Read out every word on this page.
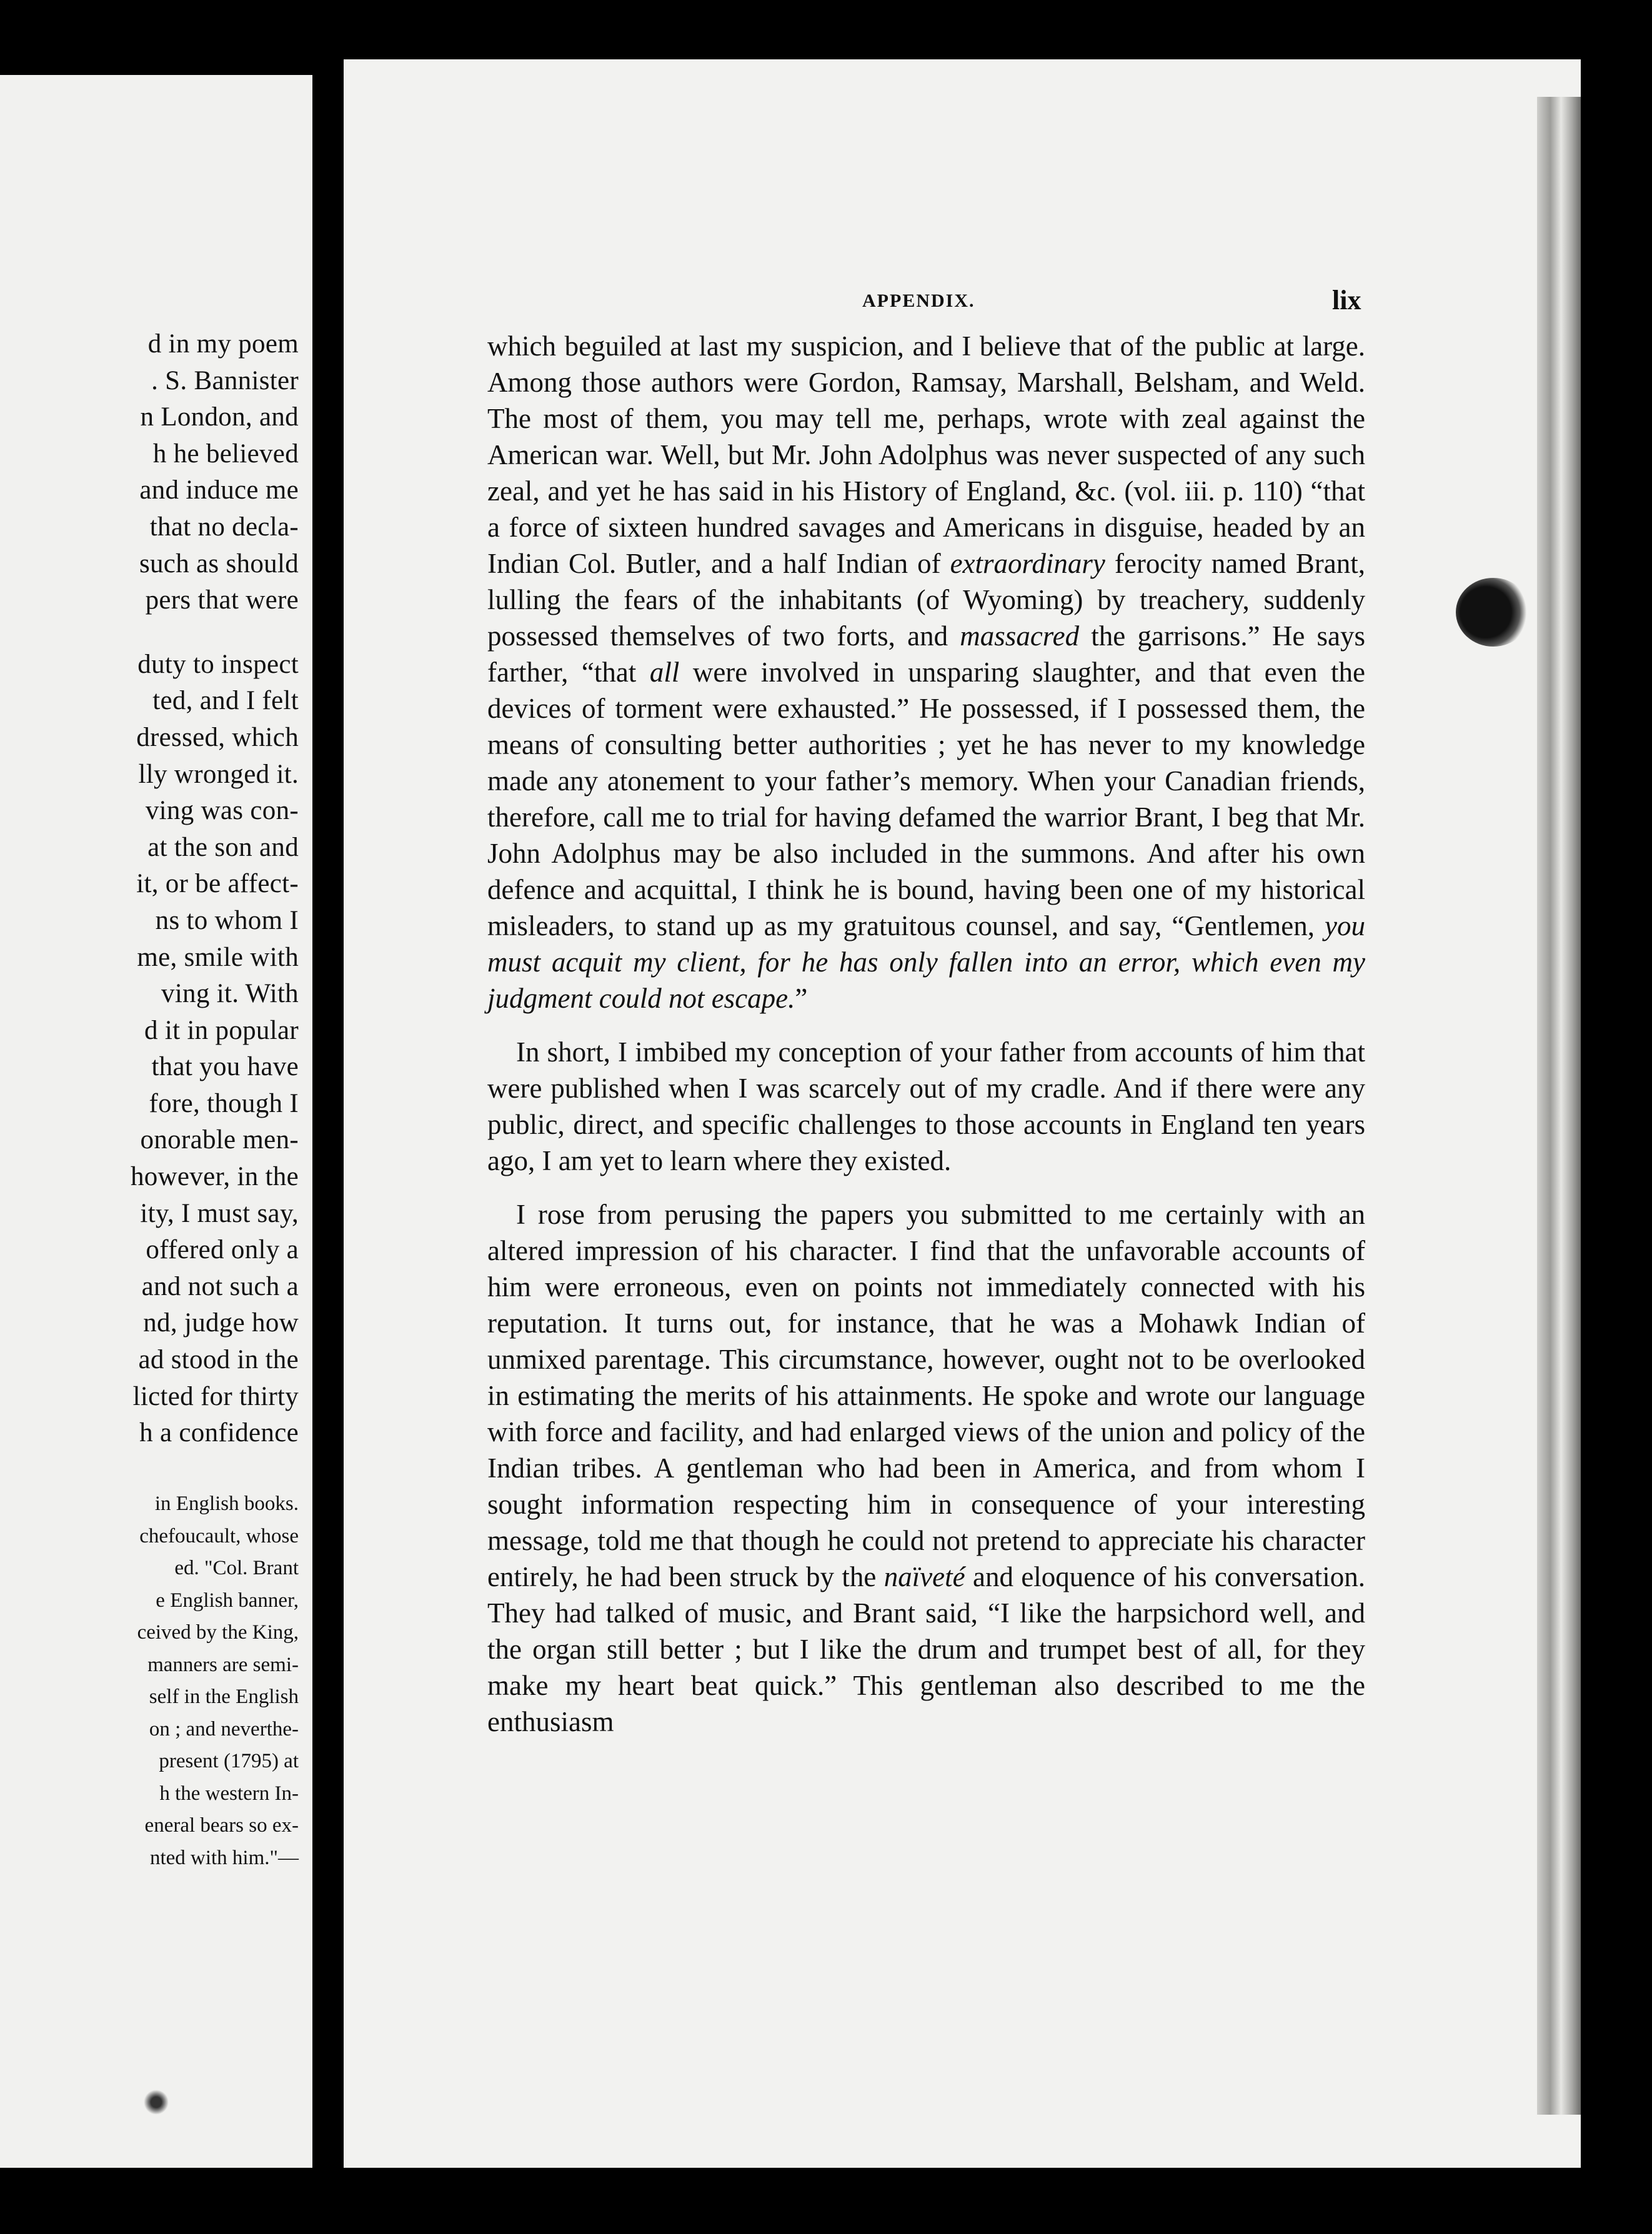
d in my poem
. S. Bannister
n London, and
h he believed
and induce me
that no decla-
such as should
pers that were
duty to inspect
ted, and I felt
dressed, which
lly wronged it.
ving was con-
at the son and
it, or be affect-
ns to whom I
me, smile with
ving it. With
d it in popular
that you have
fore, though I
onorable men-
however, in the
ity, I must say,
offered only a
and not such a
nd, judge how
ad stood in the
licted for thirty
h a confidence
in English books.
chefoucault, whose
ed. "Col. Brant
e English banner,
ceived by the King,
manners are semi-
self in the English
on ; and neverthe-
present (1795) at
h the western In-
eneral bears so ex-
nted with him."—
APPENDIX.	lix

which beguiled at last my suspicion, and I believe that of the public at large. Among those authors were Gordon, Ramsay, Marshall, Belsham, and Weld. The most of them, you may tell me, perhaps, wrote with zeal against the American war. Well, but Mr. John Adolphus was never suspected of any such zeal, and yet he has said in his History of England, &c. (vol. iii. p. 110) “that a force of sixteen hundred savages and Americans in disguise, headed by an Indian Col. Butler, and a half Indian of extraordinary ferocity named Brant, lulling the fears of the inhabitants (of Wyoming) by treachery, suddenly possessed themselves of two forts, and massacred the garrisons.” He says farther, “that all were involved in unsparing slaughter, and that even the devices of torment were exhausted.” He possessed, if I possessed them, the means of consulting better authorities ; yet he has never to my knowledge made any atonement to your father’s memory. When your Canadian friends, therefore, call me to trial for having defamed the warrior Brant, I beg that Mr. John Adolphus may be also included in the summons. And after his own defence and acquittal, I think he is bound, having been one of my historical misleaders, to stand up as my gratuitous counsel, and say, “Gentlemen, you must acquit my client, for he has only fallen into an error, which even my judgment could not escape.”

In short, I imbibed my conception of your father from accounts of him that were published when I was scarcely out of my cradle. And if there were any public, direct, and specific challenges to those accounts in England ten years ago, I am yet to learn where they existed.

I rose from perusing the papers you submitted to me certainly with an altered impression of his character. I find that the unfavorable accounts of him were erroneous, even on points not immediately connected with his reputation. It turns out, for instance, that he was a Mohawk Indian of unmixed parentage. This circumstance, however, ought not to be overlooked in estimating the merits of his attainments. He spoke and wrote our language with force and facility, and had enlarged views of the union and policy of the Indian tribes. A gentleman who had been in America, and from whom I sought information respecting him in consequence of your interesting message, told me that though he could not pretend to appreciate his character entirely, he had been struck by the naïveté and eloquence of his conversation. They had talked of music, and Brant said, “I like the harpsichord well, and the organ still better ; but I like the drum and trumpet best of all, for they make my heart beat quick.” This gentleman also described to me the enthusiasm
